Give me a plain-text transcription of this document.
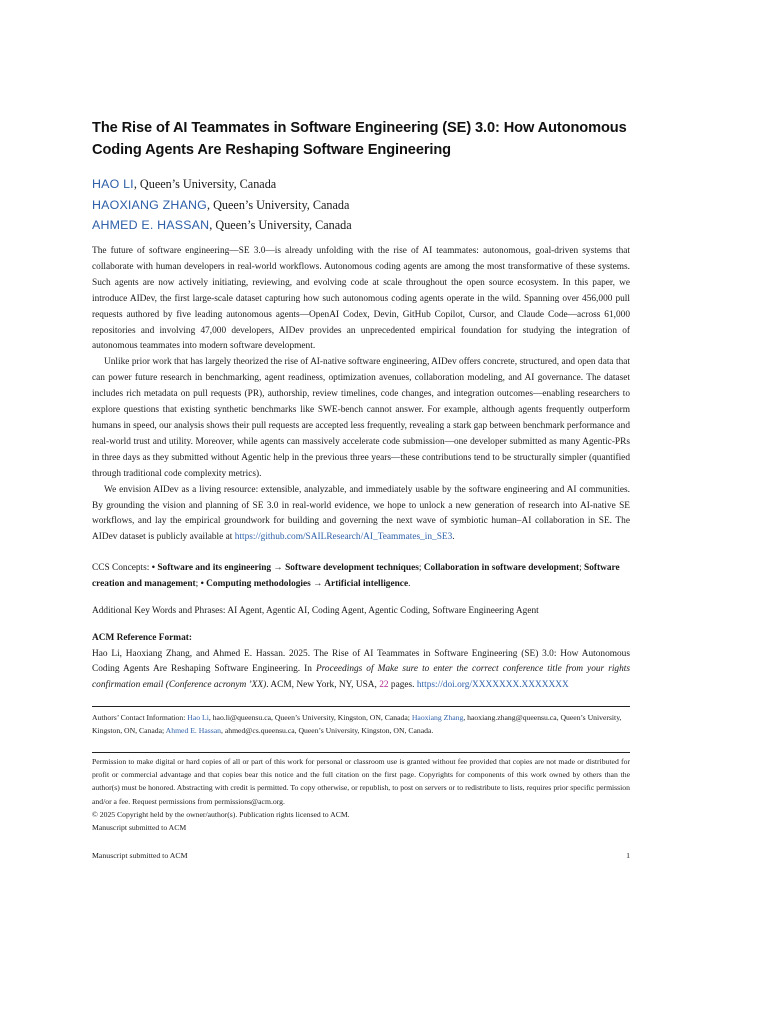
The Rise of AI Teammates in Software Engineering (SE) 3.0: How Autonomous Coding Agents Are Reshaping Software Engineering
HAO LI, Queen’s University, Canada
HAOXIANG ZHANG, Queen’s University, Canada
AHMED E. HASSAN, Queen’s University, Canada

The future of software engineering—SE 3.0—is already unfolding with the rise of AI teammates: autonomous, goal-driven systems that collaborate with human developers in real-world workflows. Autonomous coding agents are among the most transformative of these systems. Such agents are now actively initiating, reviewing, and evolving code at scale throughout the open source ecosystem. In this paper, we introduce AIDev, the first large-scale dataset capturing how such autonomous coding agents operate in the wild. Spanning over 456,000 pull requests authored by five leading autonomous agents—OpenAI Codex, Devin, GitHub Copilot, Cursor, and Claude Code—across 61,000 repositories and involving 47,000 developers, AIDev provides an unprecedented empirical foundation for studying the integration of autonomous teammates into modern software development.

Unlike prior work that has largely theorized the rise of AI-native software engineering, AIDev offers concrete, structured, and open data that can power future research in benchmarking, agent readiness, optimization avenues, collaboration modeling, and AI governance. The dataset includes rich metadata on pull requests (PR), authorship, review timelines, code changes, and integration outcomes—enabling researchers to explore questions that existing synthetic benchmarks like SWE-bench cannot answer. For example, although agents frequently outperform humans in speed, our analysis shows their pull requests are accepted less frequently, revealing a stark gap between benchmark performance and real-world trust and utility. Moreover, while agents can massively accelerate code submission—one developer submitted as many Agentic-PRs in three days as they submitted without Agentic help in the previous three years—these contributions tend to be structurally simpler (quantified through traditional code complexity metrics).

We envision AIDev as a living resource: extensible, analyzable, and immediately usable by the software engineering and AI communities. By grounding the vision and planning of SE 3.0 in real-world evidence, we hope to unlock a new generation of research into AI-native SE workflows, and lay the empirical groundwork for building and governing the next wave of symbiotic human–AI collaboration in SE. The AIDev dataset is publicly available at https://github.com/SAILResearch/AI_Teammates_in_SE3.

CCS Concepts: • Software and its engineering → Software development techniques; Collaboration in software development; Software creation and management; • Computing methodologies → Artificial intelligence.
Additional Key Words and Phrases: AI Agent, Agentic AI, Coding Agent, Agentic Coding, Software Engineering Agent
ACM Reference Format:
Hao Li, Haoxiang Zhang, and Ahmed E. Hassan. 2025. The Rise of AI Teammates in Software Engineering (SE) 3.0: How Autonomous Coding Agents Are Reshaping Software Engineering. In Proceedings of Make sure to enter the correct conference title from your rights confirmation email (Conference acronym ’XX). ACM, New York, NY, USA, 22 pages. https://doi.org/XXXXXXX.XXXXXXX
Authors’ Contact Information: Hao Li, hao.li@queensu.ca, Queen’s University, Kingston, ON, Canada; Haoxiang Zhang, haoxiang.zhang@queensu.ca, Queen’s University, Kingston, ON, Canada; Ahmed E. Hassan, ahmed@cs.queensu.ca, Queen’s University, Kingston, ON, Canada.
Permission to make digital or hard copies of all or part of this work for personal or classroom use is granted without fee provided that copies are not made or distributed for profit or commercial advantage and that copies bear this notice and the full citation on the first page. Copyrights for components of this work owned by others than the author(s) must be honored. Abstracting with credit is permitted. To copy otherwise, or republish, to post on servers or to redistribute to lists, requires prior specific permission and/or a fee. Request permissions from permissions@acm.org.
© 2025 Copyright held by the owner/author(s). Publication rights licensed to ACM.
Manuscript submitted to ACM
Manuscript submitted to ACM	1
